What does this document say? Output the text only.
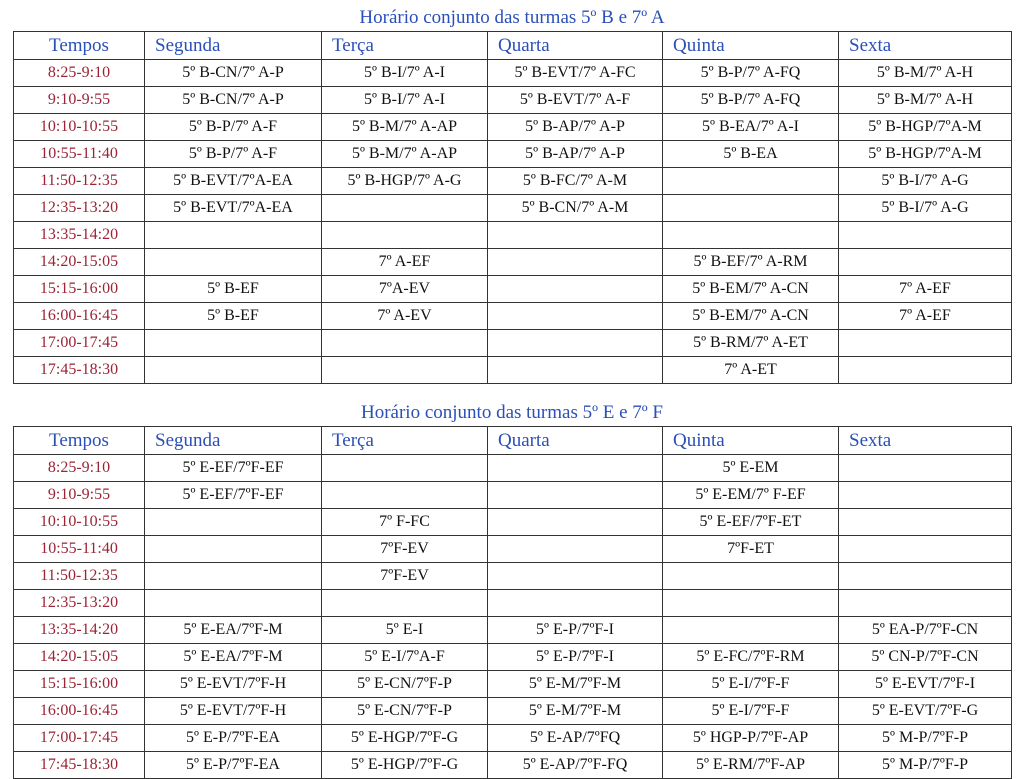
Horário conjunto das turmas 5º B e 7º A
Tempos	Segunda	Terça	Quarta	Quinta	Sexta
8:25-9:10	5º B-CN/7º A-P	5º B-I/7º A-I	5º B-EVT/7º A-FC	5º B-P/7º A-FQ	5º B-M/7º A-H
9:10-9:55	5º B-CN/7º A-P	5º B-I/7º A-I	5º B-EVT/7º A-F	5º B-P/7º A-FQ	5º B-M/7º A-H
10:10-10:55	5º B-P/7º A-F	5º B-M/7º A-AP	5º B-AP/7º A-P	5º B-EA/7º A-I	5º B-HGP/7ºA-M
10:55-11:40	5º B-P/7º A-F	5º B-M/7º A-AP	5º B-AP/7º A-P	5º B-EA	5º B-HGP/7ºA-M
11:50-12:35	5º B-EVT/7ºA-EA	5º B-HGP/7º A-G	5º B-FC/7º A-M		5º B-I/7º A-G
12:35-13:20	5º B-EVT/7ºA-EA		5º B-CN/7º A-M		5º B-I/7º A-G
13:35-14:20					
14:20-15:05		7º A-EF		5º B-EF/7º A-RM	
15:15-16:00	5º B-EF	7ºA-EV		5º B-EM/7º A-CN	7º A-EF
16:00-16:45	5º B-EF	7º A-EV		5º B-EM/7º A-CN	7º A-EF
17:00-17:45				5º B-RM/7º A-ET	
17:45-18:30				7º A-ET	
Horário conjunto das turmas 5º E e 7º F
Tempos	Segunda	Terça	Quarta	Quinta	Sexta
8:25-9:10	5º E-EF/7ºF-EF			5º E-EM	
9:10-9:55	5º E-EF/7ºF-EF			5º E-EM/7º F-EF	
10:10-10:55		7º F-FC		5º E-EF/7ºF-ET	
10:55-11:40		7ºF-EV		7ºF-ET	
11:50-12:35		7ºF-EV			
12:35-13:20					
13:35-14:20	5º E-EA/7ºF-M	5º E-I	5º E-P/7ºF-I		5º EA-P/7ºF-CN
14:20-15:05	5º E-EA/7ºF-M	5º E-I/7ºA-F	5º E-P/7ºF-I	5º E-FC/7ºF-RM	5º CN-P/7ºF-CN
15:15-16:00	5º E-EVT/7ºF-H	5º E-CN/7ºF-P	5º E-M/7ºF-M	5º E-I/7ºF-F	5º E-EVT/7ºF-I
16:00-16:45	5º E-EVT/7ºF-H	5º E-CN/7ºF-P	5º E-M/7ºF-M	5º E-I/7ºF-F	5º E-EVT/7ºF-G
17:00-17:45	5º E-P/7ºF-EA	5º E-HGP/7ºF-G	5º E-AP/7ºFQ	5º HGP-P/7ºF-AP	5º M-P/7ºF-P
17:45-18:30	5º E-P/7ºF-EA	5º E-HGP/7ºF-G	5º E-AP/7ºF-FQ	5º E-RM/7ºF-AP	5º M-P/7ºF-P
